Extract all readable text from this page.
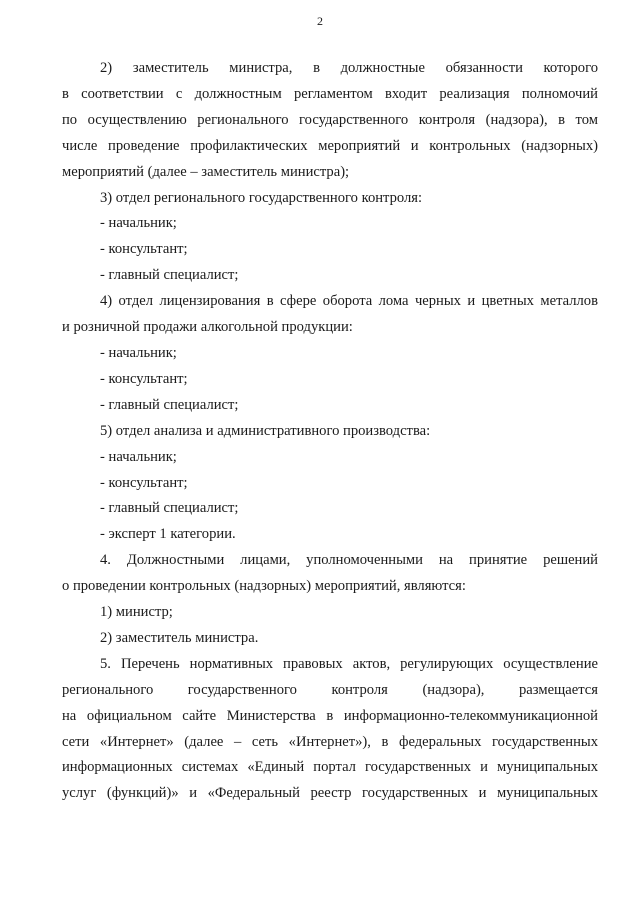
2
2) заместитель министра, в должностные обязанности которого
в соответствии с должностным регламентом входит реализация полномочий
по осуществлению регионального государственного контроля (надзора), в том
числе проведение профилактических мероприятий и контрольных (надзорных)
мероприятий (далее – заместитель министра);
3) отдел регионального государственного контроля:
- начальник;
- консультант;
- главный специалист;
4) отдел лицензирования в сфере оборота лома черных и цветных металлов
и розничной продажи алкогольной продукции:
- начальник;
- консультант;
- главный специалист;
5) отдел анализа и административного производства:
- начальник;
- консультант;
- главный специалист;
- эксперт 1 категории.
4. Должностными лицами, уполномоченными на принятие решений
о проведении контрольных (надзорных) мероприятий, являются:
1) министр;
2) заместитель министра.
5. Перечень нормативных правовых актов, регулирующих осуществление
регионального государственного контроля (надзора), размещается
на официальном сайте Министерства в информационно-телекоммуникационной
сети «Интернет» (далее – сеть «Интернет»), в федеральных государственных
информационных системах «Единый портал государственных и муниципальных
услуг (функций)» и «Федеральный реестр государственных и муниципальных
